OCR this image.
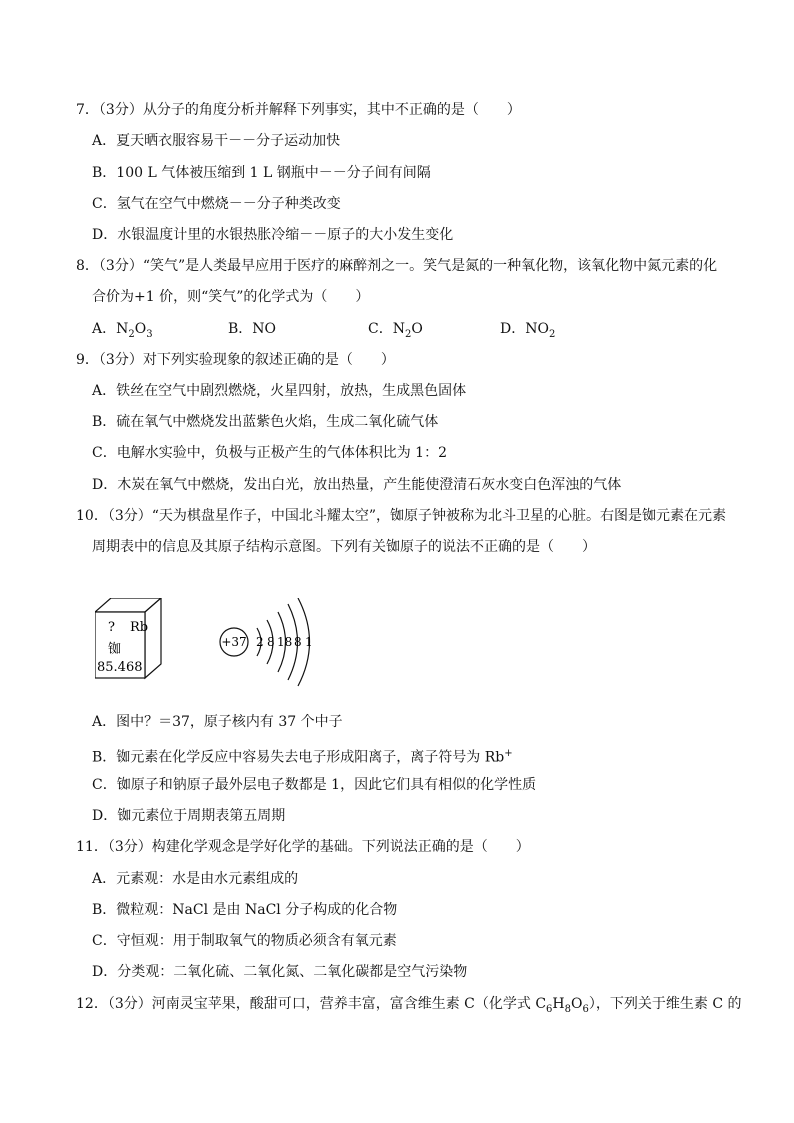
7．（3分）从分子的角度分析并解释下列事实，其中不正确的是（　　）
A．夏天晒衣服容易干－－分子运动加快
B．100 L 气体被压缩到 1 L 钢瓶中－－分子间有间隔
C．氢气在空气中燃烧－－分子种类改变
D．水银温度计里的水银热胀冷缩－－原子的大小发生变化
8．（3分）“笑气”是人类最早应用于医疗的麻醉剂之一。笑气是氮的一种氧化物，该氧化物中氮元素的化
合价为+1 价，则“笑气”的化学式为（　　）
A．$N_2O_3$	B．NO	C．$N_2O$	D．$NO_2$
9．（3分）对下列实验现象的叙述正确的是（　　）
A．铁丝在空气中剧烈燃烧，火星四射，放热，生成黑色固体
B．硫在氧气中燃烧发出蓝紫色火焰，生成二氧化硫气体
C．电解水实验中，负极与正极产生的气体体积比为 1：2
D．木炭在氧气中燃烧，发出白光，放出热量，产生能使澄清石灰水变白色浑浊的气体
10．（3分）“天为棋盘星作子，中国北斗耀太空”，铷原子钟被称为北斗卫星的心脏。右图是铷元素在元素
周期表中的信息及其原子结构示意图。下列有关铷原子的说法不正确的是（　　）
? Rb
铷
85.468
+37 2 8 18 8 1
A．图中？＝37，原子核内有 37 个中子
B．铷元素在化学反应中容易失去电子形成阳离子，离子符号为 Rb+
C．铷原子和钠原子最外层电子数都是 1，因此它们具有相似的化学性质
D．铷元素位于周期表第五周期
11．（3分）构建化学观念是学好化学的基础。下列说法正确的是（　　）
A．元素观：水是由水元素组成的
B．微粒观：NaCl 是由 NaCl 分子构成的化合物
C．守恒观：用于制取氧气的物质必须含有氧元素
D．分类观：二氧化硫、二氧化氮、二氧化碳都是空气污染物
12．（3分）河南灵宝苹果，酸甜可口，营养丰富，富含维生素 C（化学式 $C_6H_8O_6$），下列关于维生素 C 的
